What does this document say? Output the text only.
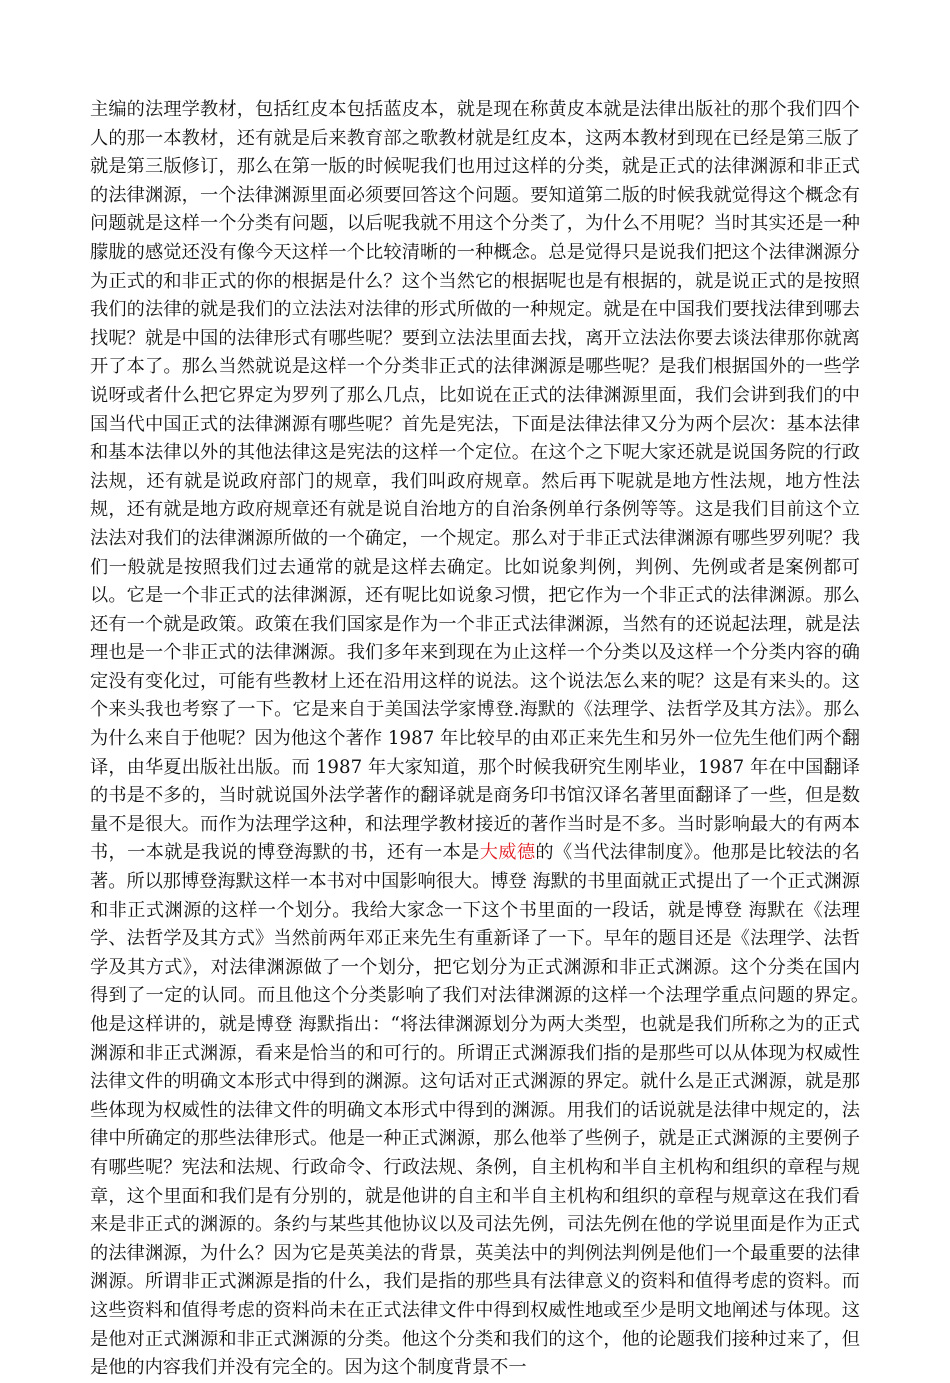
主编的法理学教材，包括红皮本包括蓝皮本，就是现在称黄皮本就是法律出版社的那个我们四个人的那一本教材，还有就是后来教育部之歌教材就是红皮本，这两本教材到现在已经是第三版了就是第三版修订，那么在第一版的时候呢我们也用过这样的分类，就是正式的法律渊源和非正式的法律渊源，一个法律渊源里面必须要回答这个问题。要知道第二版的时候我就觉得这个概念有问题就是这样一个分类有问题，以后呢我就不用这个分类了，为什么不用呢？当时其实还是一种朦胧的感觉还没有像今天这样一个比较清晰的一种概念。总是觉得只是说我们把这个法律渊源分为正式的和非正式的你的根据是什么？这个当然它的根据呢也是有根据的，就是说正式的是按照我们的法律的就是我们的立法法对法律的形式所做的一种规定。就是在中国我们要找法律到哪去找呢？就是中国的法律形式有哪些呢？要到立法法里面去找，离开立法法你要去谈法律那你就离开了本了。那么当然就说是这样一个分类非正式的法律渊源是哪些呢？是我们根据国外的一些学说呀或者什么把它界定为罗列了那么几点，比如说在正式的法律渊源里面，我们会讲到我们的中国当代中国正式的法律渊源有哪些呢？首先是宪法，下面是法律法律又分为两个层次：基本法律和基本法律以外的其他法律这是宪法的这样一个定位。在这个之下呢大家还就是说国务院的行政法规，还有就是说政府部门的规章，我们叫政府规章。然后再下呢就是地方性法规，地方性法规，还有就是地方政府规章还有就是说自治地方的自治条例单行条例等等。这是我们目前这个立法法对我们的法律渊源所做的一个确定，一个规定。那么对于非正式法律渊源有哪些罗列呢？我们一般就是按照我们过去通常的就是这样去确定。比如说象判例，判例、先例或者是案例都可以。它是一个非正式的法律渊源，还有呢比如说象习惯，把它作为一个非正式的法律渊源。那么还有一个就是政策。政策在我们国家是作为一个非正式法律渊源，当然有的还说起法理，就是法理也是一个非正式的法律渊源。我们多年来到现在为止这样一个分类以及这样一个分类内容的确定没有变化过，可能有些教材上还在沿用这样的说法。这个说法怎么来的呢？这是有来头的。这个来头我也考察了一下。它是来自于美国法学家博登.海默的《法理学、法哲学及其方法》。那么为什么来自于他呢？因为他这个著作 1987 年比较早的由邓正来先生和另外一位先生他们两个翻译，由华夏出版社出版。而 1987 年大家知道，那个时候我研究生刚毕业，1987 年在中国翻译的书是不多的，当时就说国外法学著作的翻译就是商务印书馆汉译名著里面翻译了一些，但是数量不是很大。而作为法理学这种，和法理学教材接近的著作当时是不多。当时影响最大的有两本书，一本就是我说的博登海默的书，还有一本是大威德的《当代法律制度》。他那是比较法的名著。所以那博登海默这样一本书对中国影响很大。博登 海默的书里面就正式提出了一个正式渊源和非正式渊源的这样一个划分。我给大家念一下这个书里面的一段话，就是博登 海默在《法理学、法哲学及其方式》当然前两年邓正来先生有重新译了一下。早年的题目还是《法理学、法哲学及其方式》，对法律渊源做了一个划分，把它划分为正式渊源和非正式渊源。这个分类在国内得到了一定的认同。而且他这个分类影响了我们对法律渊源的这样一个法理学重点问题的界定。　　他是这样讲的，就是博登 海默指出：“将法律渊源划分为两大类型，也就是我们所称之为的正式渊源和非正式渊源，看来是恰当的和可行的。所谓正式渊源我们指的是那些可以从体现为权威性法律文件的明确文本形式中得到的渊源。这句话对正式渊源的界定。就什么是正式渊源，就是那些体现为权威性的法律文件的明确文本形式中得到的渊源。用我们的话说就是法律中规定的，法律中所确定的那些法律形式。他是一种正式渊源，那么他举了些例子，就是正式渊源的主要例子有哪些呢？宪法和法规、行政命令、行政法规、条例，自主机构和半自主机构和组织的章程与规章，这个里面和我们是有分别的，就是他讲的自主和半自主机构和组织的章程与规章这在我们看来是非正式的渊源的。条约与某些其他协议以及司法先例，司法先例在他的学说里面是作为正式的法律渊源，为什么？因为它是英美法的背景，英美法中的判例法判例是他们一个最重要的法律渊源。所谓非正式渊源是指的什么，我们是指的那些具有法律意义的资料和值得考虑的资料。而这些资料和值得考虑的资料尚未在正式法律文件中得到权威性地或至少是明文地阐述与体现。这是他对正式渊源和非正式渊源的分类。他这个分类和我们的这个，他的论题我们接种过来了，但是他的内容我们并没有完全的。因为这个制度背景不一
